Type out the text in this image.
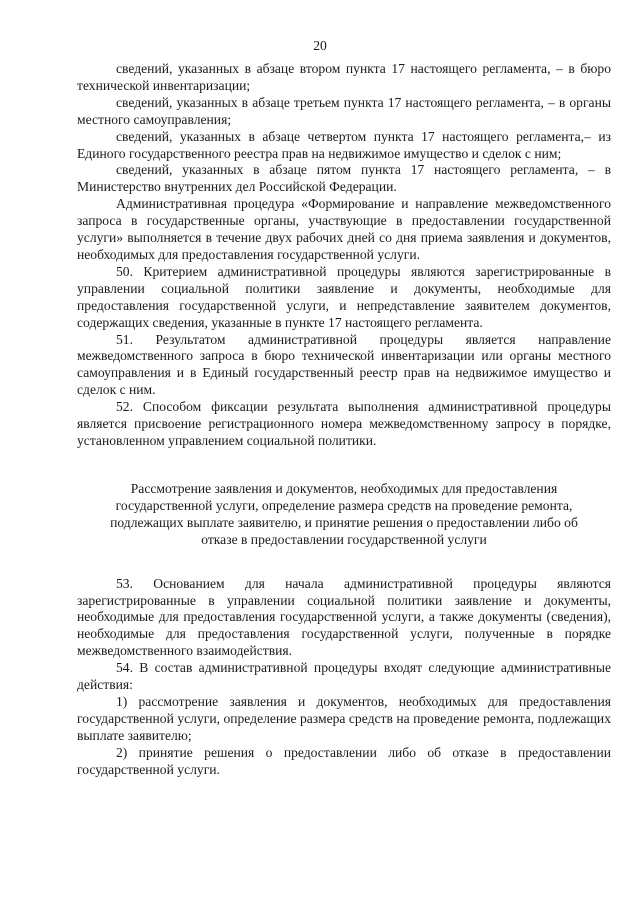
20

сведений, указанных в абзаце втором пункта 17 настоящего регламента, – в бюро технической инвентаризации;

сведений, указанных в абзаце третьем пункта 17 настоящего регламента, – в органы местного самоуправления;

сведений, указанных в абзаце четвертом пункта 17 настоящего регламента,– из Единого государственного реестра прав на недвижимое имущество и сделок с ним;

сведений, указанных в абзаце пятом пункта 17 настоящего регламента, – в Министерство внутренних дел Российской Федерации.

Административная процедура «Формирование и направление межведомственного запроса в государственные органы, участвующие в предоставлении государственной услуги» выполняется в течение двух рабочих дней со дня приема заявления и документов, необходимых для предоставления государственной услуги.

50. Критерием административной процедуры являются зарегистрированные в управлении социальной политики заявление и документы, необходимые для предоставления государственной услуги, и непредставление заявителем документов, содержащих сведения, указанные в пункте 17 настоящего регламента.

51. Результатом административной процедуры является направление межведомственного запроса в бюро технической инвентаризации или органы местного самоуправления и в Единый государственный реестр прав на недвижимое имущество и сделок с ним.

52. Способом фиксации результата выполнения административной процедуры является присвоение регистрационного номера межведомственному запросу в порядке, установленном управлением социальной политики.

Рассмотрение заявления и документов, необходимых для предоставления
государственной услуги, определение размера средств на проведение ремонта,
подлежащих выплате заявителю, и принятие решения о предоставлении либо об
отказе в предоставлении государственной услуги

53. Основанием для начала административной процедуры являются зарегистрированные в управлении социальной политики заявление и документы, необходимые для предоставления государственной услуги, а также документы (сведения), необходимые для предоставления государственной услуги, полученные в порядке межведомственного взаимодействия.

54. В состав административной процедуры входят следующие административные действия:

1) рассмотрение заявления и документов, необходимых для предоставления государственной услуги, определение размера средств на проведение ремонта, подлежащих выплате заявителю;

2) принятие решения о предоставлении либо об отказе в предоставлении государственной услуги.
